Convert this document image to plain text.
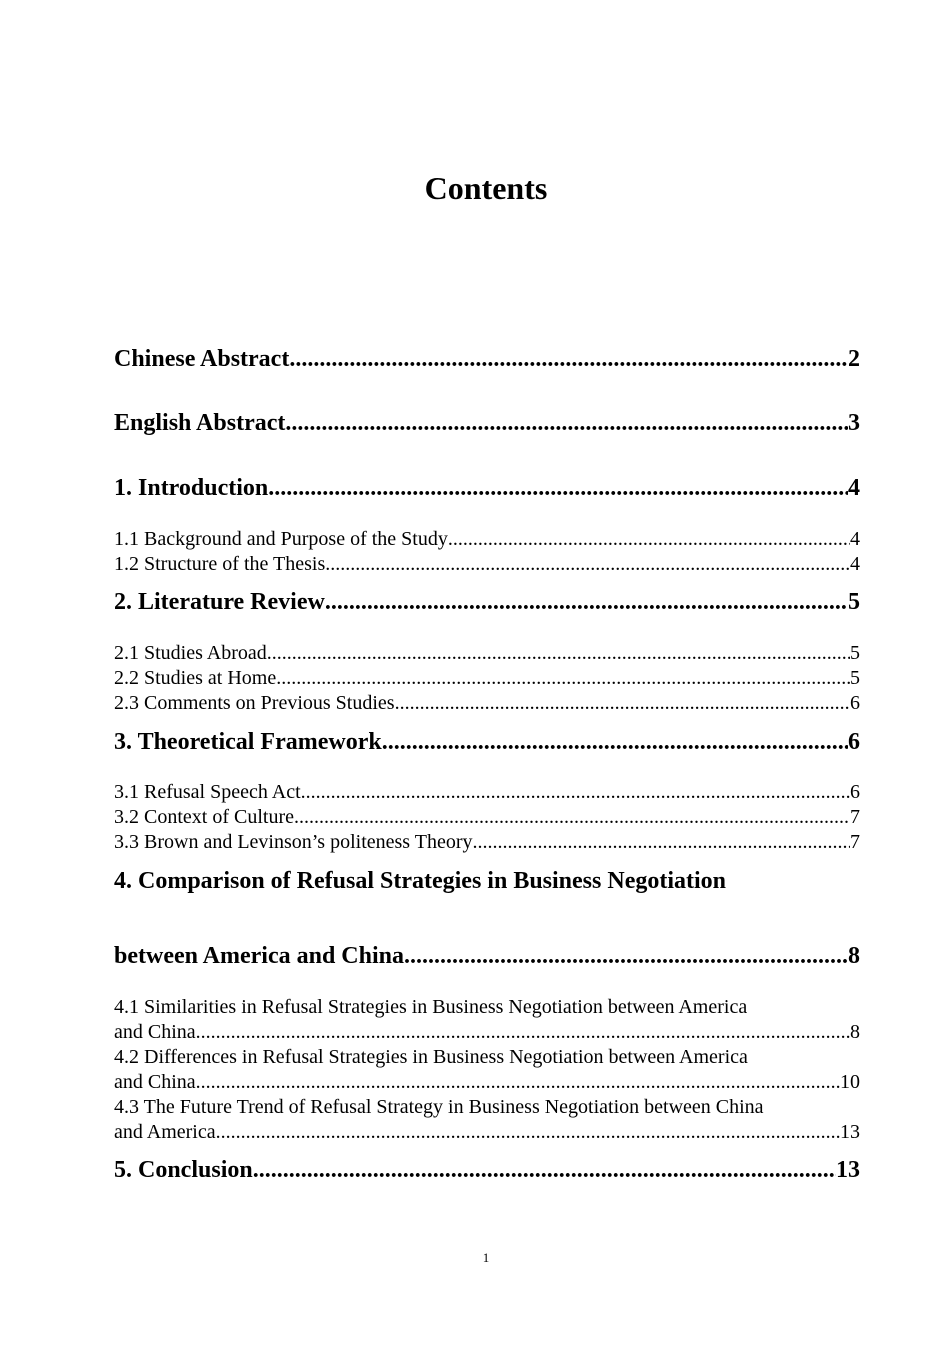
Contents
Chinese Abstract .....	2
English Abstract .....	3
1. Introduction .....	4
1.1 Background and Purpose of the Study .....	4
1.2 Structure of the Thesis .....	4
2. Literature Review .....	5
2.1 Studies Abroad .....	5
2.2 Studies at Home .....	5
2.3 Comments on Previous Studies .....	6
3. Theoretical Framework .....	6
3.1 Refusal Speech Act .....	6
3.2 Context of Culture .....	7
3.3 Brown and Levinson’s politeness Theory .....	7
4. Comparison of Refusal Strategies in Business Negotiation
between America and China .....	8
4.1 Similarities in Refusal Strategies in Business Negotiation between America
and China .....	8
4.2 Differences in Refusal Strategies in Business Negotiation between America
and China .....	10
4.3 The Future Trend of Refusal Strategy in Business Negotiation between China
and America .....	13
5. Conclusion .....	13
1
